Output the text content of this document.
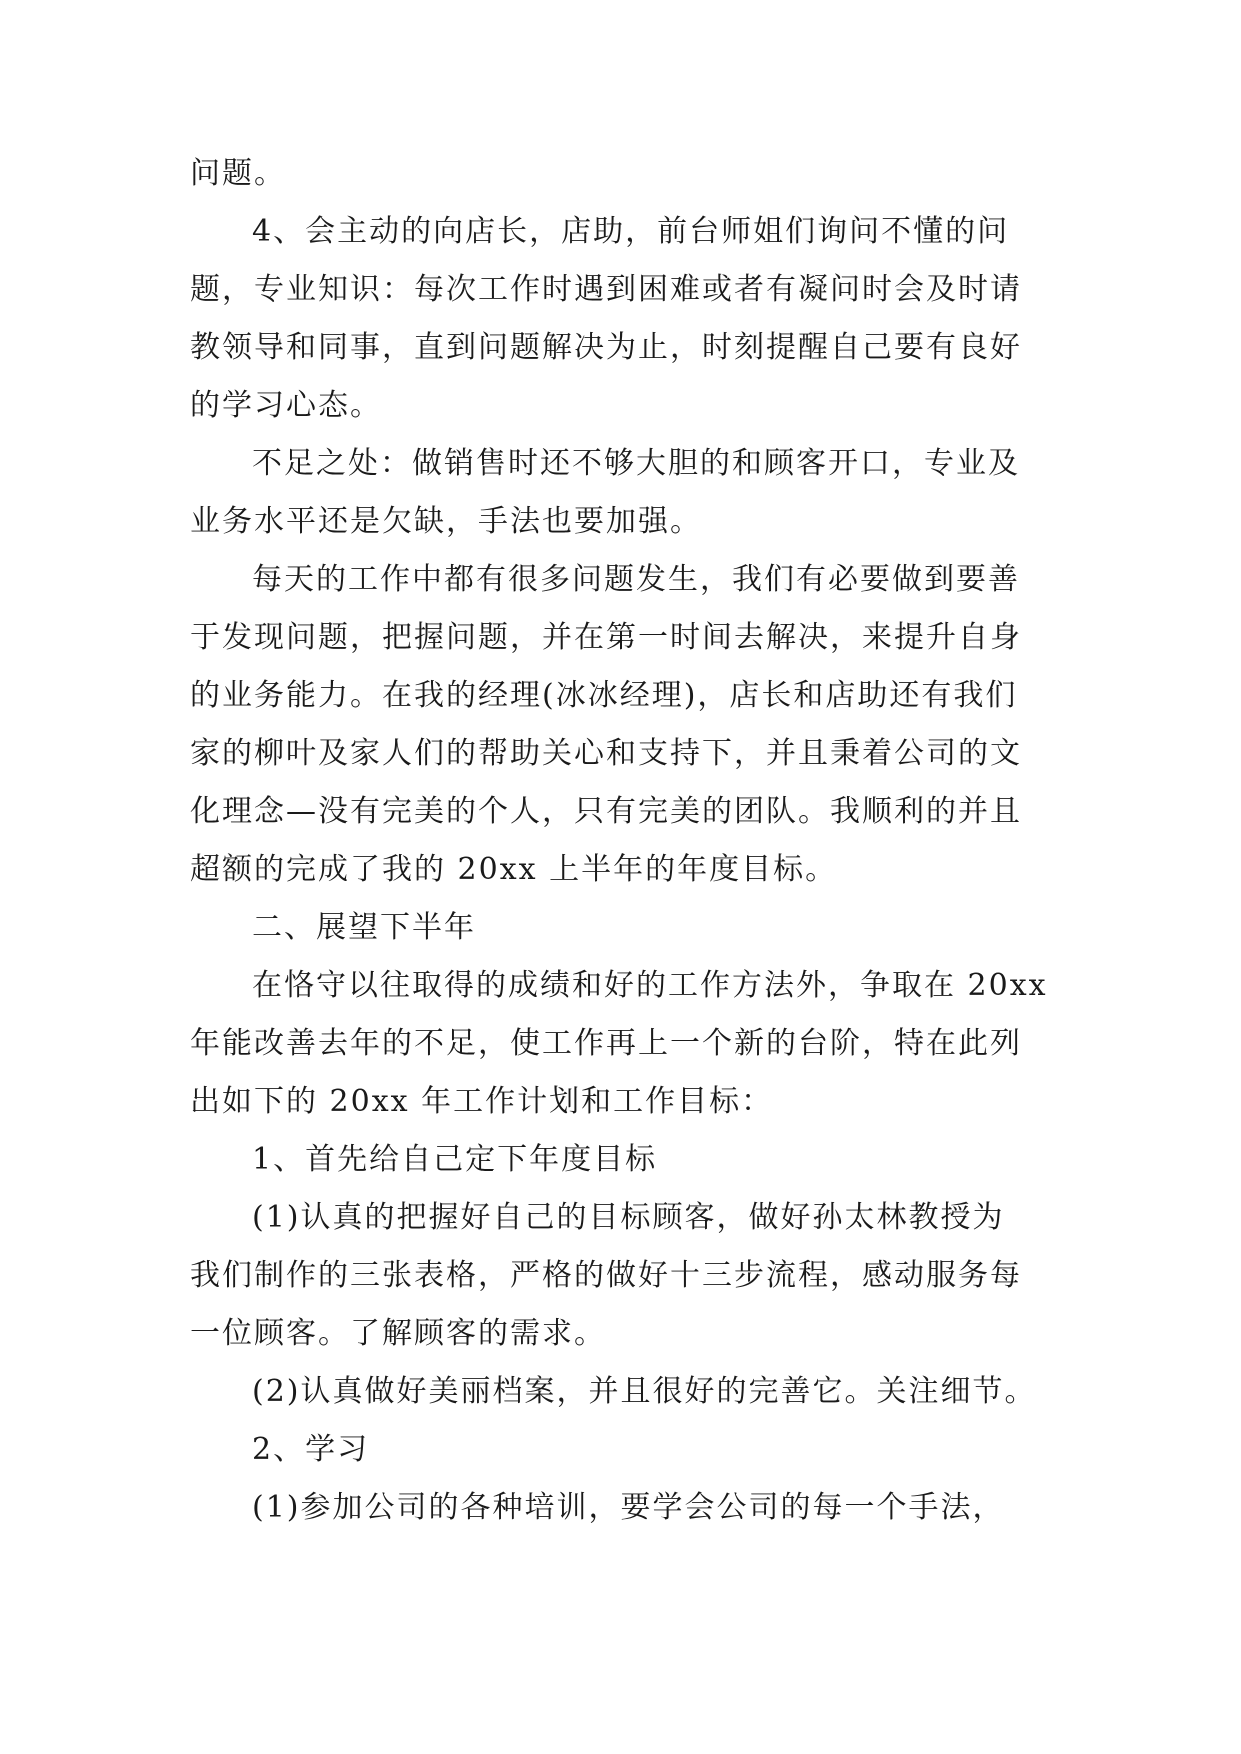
问题。
4、会主动的向店长，店助，前台师姐们询问不懂的问
题，专业知识：每次工作时遇到困难或者有凝问时会及时请
教领导和同事，直到问题解决为止，时刻提醒自己要有良好
的学习心态。
不足之处：做销售时还不够大胆的和顾客开口，专业及
业务水平还是欠缺，手法也要加强。
每天的工作中都有很多问题发生，我们有必要做到要善
于发现问题，把握问题，并在第一时间去解决，来提升自身
的业务能力。在我的经理(冰冰经理)，店长和店助还有我们
家的柳叶及家人们的帮助关心和支持下，并且秉着公司的文
化理念—没有完美的个人，只有完美的团队。我顺利的并且
超额的完成了我的 20xx 上半年的年度目标。
二、展望下半年
在恪守以往取得的成绩和好的工作方法外，争取在 20xx
年能改善去年的不足，使工作再上一个新的台阶，特在此列
出如下的 20xx 年工作计划和工作目标：
1、首先给自己定下年度目标
(1)认真的把握好自己的目标顾客，做好孙太林教授为
我们制作的三张表格，严格的做好十三步流程，感动服务每
一位顾客。了解顾客的需求。
(2)认真做好美丽档案，并且很好的完善它。关注细节。
2、学习
(1)参加公司的各种培训，要学会公司的每一个手法，
